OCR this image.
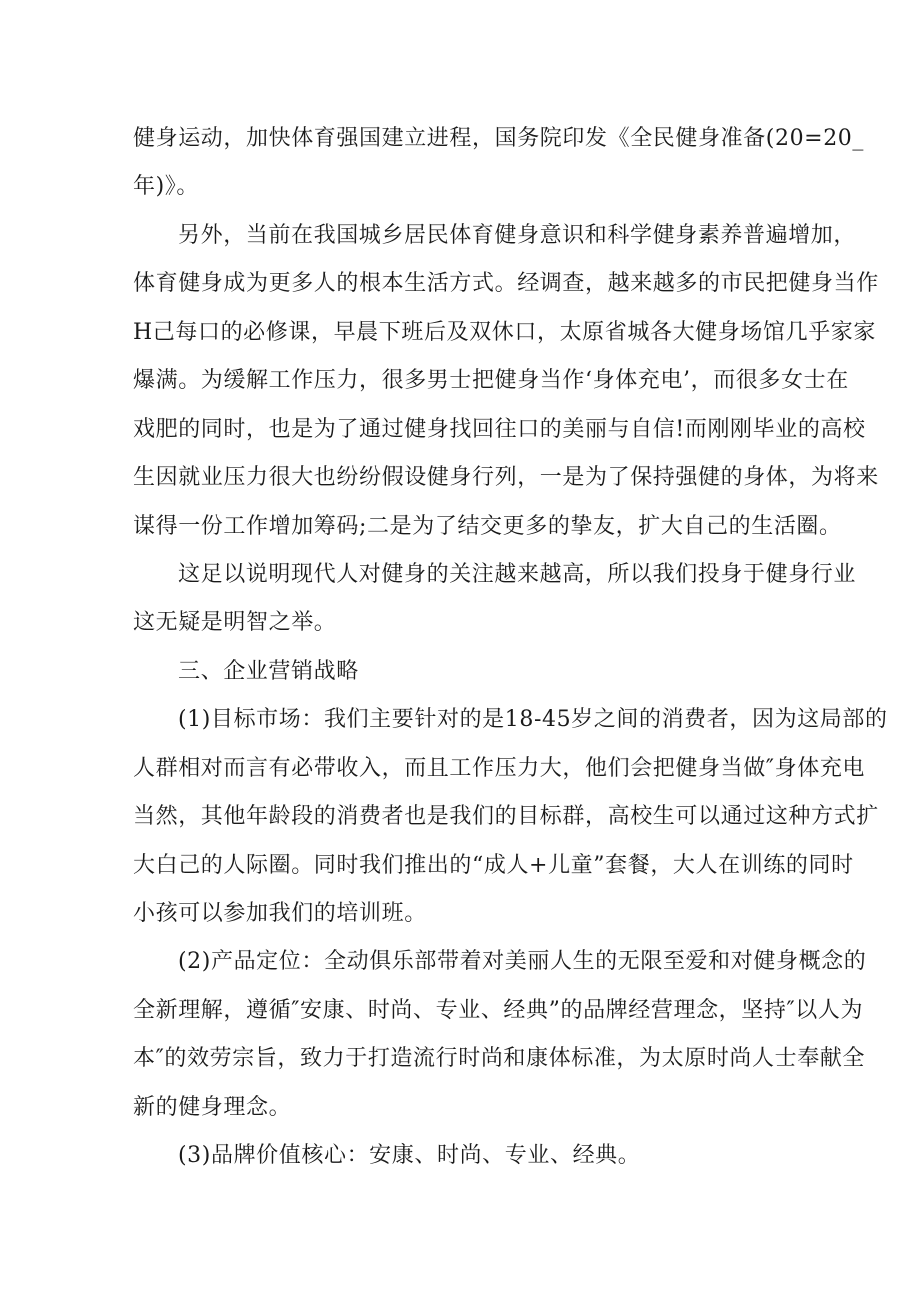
健身运动，加快体育强国建立进程，国务院印发《全民健身准备(20=20_
年)》。
另外，当前在我国城乡居民体育健身意识和科学健身素养普遍增加，
体育健身成为更多人的根本生活方式。经调查，越来越多的市民把健身当作
H己每口的必修课，早晨下班后及双休口，太原省城各大健身场馆几乎家家
爆满。为缓解工作压力，很多男士把健身当作‘身体充电’，而很多女士在
戏肥的同时，也是为了通过健身找回往口的美丽与自信!而刚刚毕业的高校
生因就业压力很大也纷纷假设健身行列，一是为了保持强健的身体，为将来
谋得一份工作增加筹码;二是为了结交更多的挚友，扩大自己的生活圈。
这足以说明现代人对健身的关注越来越高，所以我们投身于健身行业
这无疑是明智之举。
三、企业营销战略
(1)目标市场：我们主要针对的是18-45岁之间的消费者，因为这局部的
人群相对而言有必带收入，而且工作压力大，他们会把健身当做″身体充电
当然，其他年龄段的消费者也是我们的目标群，高校生可以通过这种方式扩
大白己的人际圈。同时我们推出的“成人+儿童”套餐，大人在训练的同时
小孩可以参加我们的培训班。
(2)产品定位：全动俱乐部带着对美丽人生的无限至爱和对健身概念的
全新理解，遵循″安康、时尚、专业、经典”的品牌经营理念，坚持″以人为
本″的效劳宗旨，致力于打造流行时尚和康体标准，为太原时尚人士奉献全
新的健身理念。
(3)品牌价值核心：安康、时尚、专业、经典。
